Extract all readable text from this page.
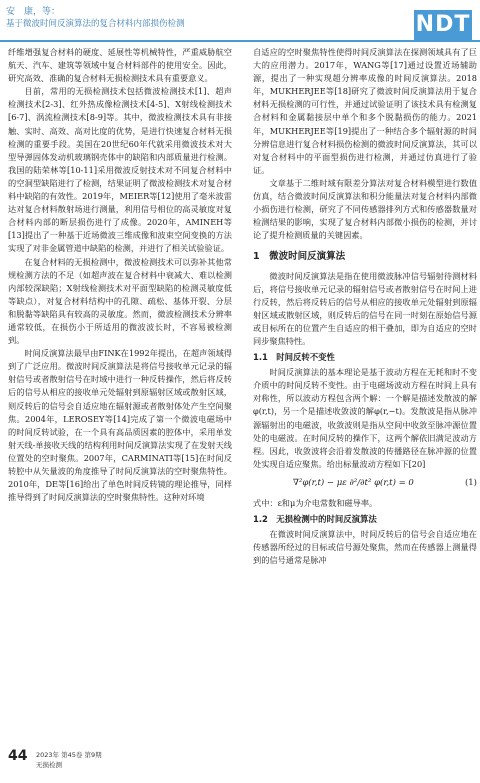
安　康，等：
基于微波时间反演算法的复合材料内部损伤检测	NDT

纤维增强复合材料的硬度、延展性等机械特性，严重威胁航空航天、汽车、建筑等领域中复合材料部件的使用安全。因此，研究高效、准确的复合材料无损检测技术具有重要意义。

目前，常用的无损检测技术包括微波检测技术[1]、超声检测技术[2-3]、红外热成像检测技术[4-5]、X射线检测技术[6-7]、涡流检测技术[8-9]等。其中，微波检测技术具有非接触、实时、高效、高对比度的优势，是进行快速复合材料无损检测的重要手段。美国在20世纪60年代就采用微波技术对大型导弹固体发动机玻璃钢壳体中的缺陷和内部质量进行检测。我国的陆荣林等[10-11]采用微波反射技术对不同复合材料中的空洞型缺陷进行了检测，结果证明了微波检测技术对复合材料中缺陷的有效性。2019年，MEIER等[12]使用了毫米波雷达对复合材料散射场进行测量，利用信号相位的高灵敏度对复合材料内部的断层损伤进行了成像。2020年，AMINEH等[13]提出了一种基于近场微波三维成像和波束空间变换的方法实现了对非金属管道中缺陷的检测，并进行了相关试验验证。

在复合材料的无损检测中，微波检测技术可以弥补其他常规检测方法的不足（如超声波在复合材料中衰减大、难以检测内部较深缺陷；X射线检测技术对平面型缺陷的检测灵敏度低等缺点），对复合材料结构中的孔隙、疏松、基体开裂、分层和脱黏等缺陷具有较高的灵敏度。然而，微波检测技术分辨率通常较低，在损伤小于所适用的微波波长时，不容易被检测到。

时间反演算法最早由FINK在1992年提出，在超声领域得到了广泛应用。微波时间反演算法是将信号接收单元记录的辐射信号或者散射信号在时域中进行一种反转操作，然后将反转后的信号从相应的接收单元处辐射到原辐射区域或散射区域，则反转后的信号会自适应地在辐射源或者散射体处产生空间聚焦。2004年，LEROSEY等[14]完成了第一个微波电磁场中的时间反转试验，在一个具有高品质因素的腔体中，采用单发射天线-单接收天线的结构利用时间反演算法实现了在发射天线位置处的空时聚焦。2007年，CARMINATI等[15]在时间反转腔中从矢量波的角度推导了时间反演算法的空时聚焦特性。2010年，DE等[16]给出了单色时间反转镜的理论推导，同样推导得到了时间反演算法的空时聚焦特性。这种对环境

自适应的空时聚焦特性使得时间反演算法在探测领域具有了巨大的应用潜力。2017年，WANG等[17]通过设置近场辅助源，提出了一种实现超分辨率成像的时间反演算法。2018年，MUKHERJEE等[18]研究了微波时间反演算法用于复合材料无损检测的可行性，并通过试验证明了该技术具有检测复合材料和金属黏接层中单个和多个脱黏损伤的能力。2021年，MUKHERJEE等[19]提出了一种结合多个辐射源的时间分辨信息进行复合材料损伤检测的微波时间反演算法，其可以对复合材料中的平面型损伤进行检测，并通过仿真进行了验证。

文章基于二维时域有限差分算法对复合材料模型进行数值仿真，结合微波时间反演算法和积分能量法对复合材料内部微小损伤进行检测，研究了不同传感器排列方式和传感器数量对检测结果的影响，实现了复合材料内部微小损伤的检测，并讨论了提升检测质量的关键因素。

1　微波时间反演算法

微波时间反演算法是指在使用微波脉冲信号辐射待测材料后，将信号接收单元记录的辐射信号或者散射信号在时间上进行反转，然后将反转后的信号从相应的接收单元处辐射到原辐射区域或散射区域，则反转后的信号在同一时刻在原始信号源或目标所在的位置产生自适应的相干叠加，即为自适应的空时同步聚焦特性。

1.1　时间反转不变性

时间反演算法的基本理论是基于波动方程在无耗和时不变介质中的时间反转不变性。由于电磁场波动方程在时间上具有对称性，所以波动方程包含两个解：一个解是描述发散波的解φ(r,t)，另一个是描述收敛波的解φ(r,−t)。发散波是指从脉冲源辐射出的电磁波，收敛波则是指从空间中收敛至脉冲源位置处的电磁波。在时间反转的操作下，这两个解依旧满足波动方程。因此，收敛波将会沿着发散波的传播路径在脉冲源的位置处实现自适应聚焦。给出标量波动方程如下[20]

∇²φ(r,t) − με ∂²/∂t² φ(r,t) = 0	(1)

式中：ε和μ为介电常数和磁导率。

1.2　无损检测中的时间反演算法

在微波时间反演算法中，时间反转后的信号会自适应地在传感器所经过的目标或信号源处聚焦，然而在传感器上测量得到的信号通常是脉冲

44 2023年 第45卷 第9期
无损检测
